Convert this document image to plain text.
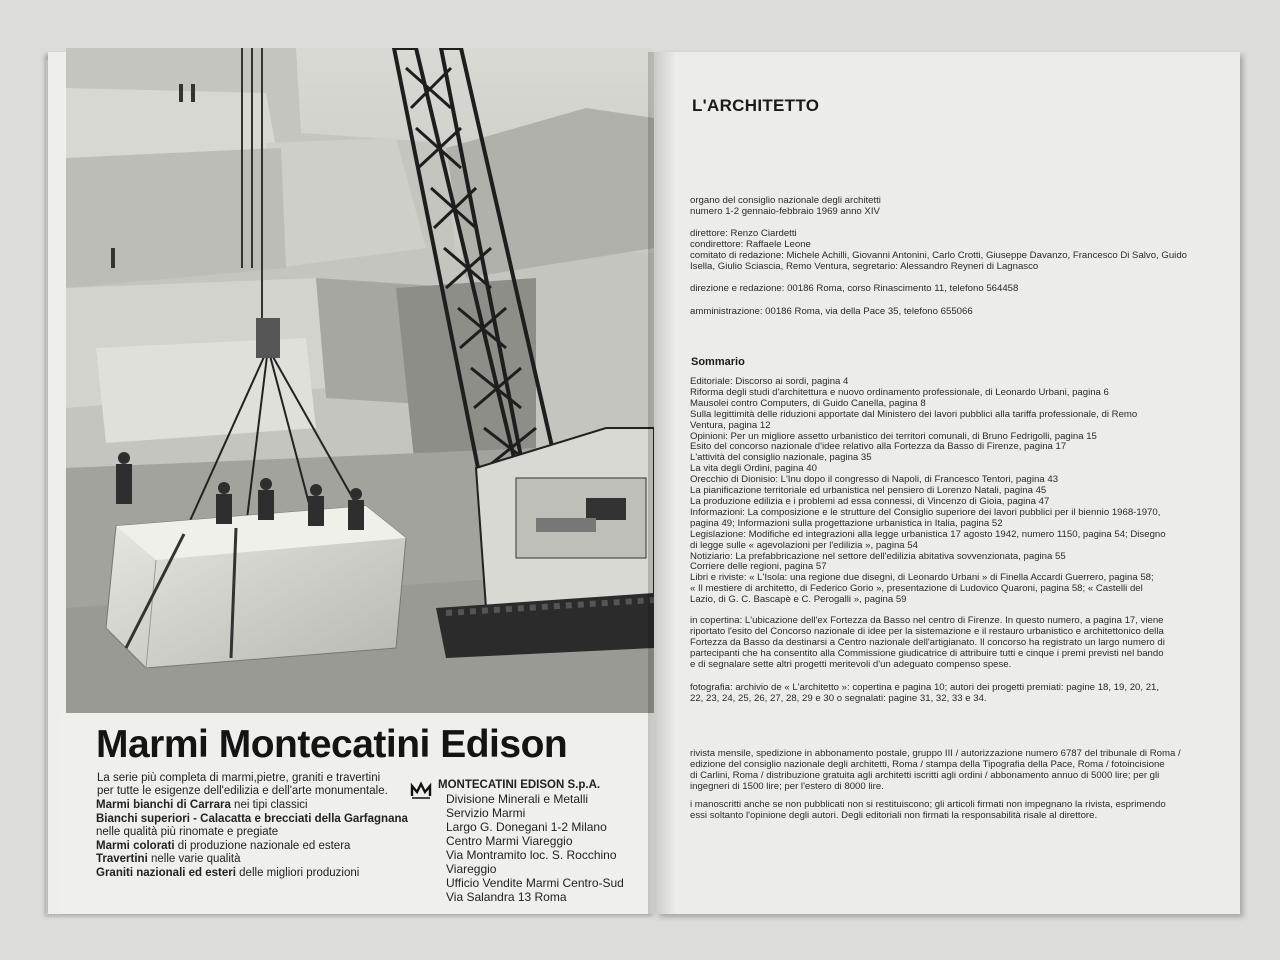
Marmi Montecatini Edison
La serie più completa di marmi,pietre, graniti e travertini per tutte le esigenze dell'edilizia e dell'arte monumentale.
Marmi bianchi di Carrara nei tipi classici
Bianchi superiori - Calacatta e brecciati della Garfagnana nelle qualità più rinomate e pregiate
Marmi colorati di produzione nazionale ed estera
Travertini nelle varie qualità
Graniti nazionali ed esteri delle migliori produzioni
MONTECATINI EDISON S.p.A.
Divisione Minerali e Metalli
Servizio Marmi
Largo G. Donegani 1-2 Milano
Centro Marmi Viareggio
Via Montramito loc. S. Rocchino
Viareggio
Ufficio Vendite Marmi Centro-Sud
Via Salandra 13 Roma
L'ARCHITETTO
organo del consiglio nazionale degli architetti
numero 1-2 gennaio-febbraio 1969 anno XIV
direttore: Renzo Ciardetti
condirettore: Raffaele Leone
comitato di redazione: Michele Achilli, Giovanni Antonini, Carlo Crotti, Giuseppe Davanzo, Francesco Di Salvo, Guido
Isella, Giulio Sciascia, Remo Ventura, segretario: Alessandro Reyneri di Lagnasco

direzione e redazione: 00186 Roma, corso Rinascimento 11, telefono 564458

amministrazione: 00186 Roma, via della Pace 35, telefono 655066

Sommario
Editoriale: Discorso ai sordi, pagina 4
Riforma degli studi d'architettura e nuovo ordinamento professionale, di Leonardo Urbani, pagina 6
Mausolei contro Computers, di Guido Canella, pagina 8
Sulla legittimità delle riduzioni apportate dal Ministero dei lavori pubblici alla tariffa professionale, di Remo
Ventura, pagina 12
Opinioni: Per un migliore assetto urbanistico dei territori comunali, di Bruno Fedrigolli, pagina 15
Esito del concorso nazionale d'idee relativo alla Fortezza da Basso di Firenze, pagina 17
L'attività del consiglio nazionale, pagina 35
La vita degli Ordini, pagina 40
Orecchio di Dionisio: L'Inu dopo il congresso di Napoli, di Francesco Tentori, pagina 43
La pianificazione territoriale ed urbanistica nel pensiero di Lorenzo Natali, pagina 45
La produzione edilizia e i problemi ad essa connessi, di Vincenzo di Gioia, pagina 47
Informazioni: La composizione e le strutture del Consiglio superiore dei lavori pubblici per il biennio 1968-1970,
pagina 49; Informazioni sulla progettazione urbanistica in Italia, pagina 52
Legislazione: Modifiche ed integrazioni alla legge urbanistica 17 agosto 1942, numero 1150, pagina 54; Disegno
di legge sulle « agevolazioni per l'edilizia », pagina 54
Notiziario: La prefabbricazione nel settore dell'edilizia abitativa sovvenzionata, pagina 55
Corriere delle regioni, pagina 57
Libri e riviste: « L'Isola: una regione due disegni, di Leonardo Urbani » di Finella Accardi Guerrero, pagina 58;
« Il mestiere di architetto, di Federico Gorio », presentazione di Ludovico Quaroni, pagina 58; « Castelli del
Lazio, di G. C. Bascapè e C. Perogalli », pagina 59
in copertina: L'ubicazione dell'ex Fortezza da Basso nel centro di Firenze. In questo numero, a pagina 17, viene
riportato l'esito del Concorso nazionale di idee per la sistemazione e il restauro urbanistico e architettonico della
Fortezza da Basso da destinarsi a Centro nazionale dell'artigianato. Il concorso ha registrato un largo numero di
partecipanti che ha consentito alla Commissione giudicatrice di attribuire tutti e cinque i premi previsti nel bando
e di segnalare sette altri progetti meritevoli d'un adeguato compenso spese.
fotografia: archivio de « L'architetto »: copertina e pagina 10; autori dei progetti premiati: pagine 18, 19, 20, 21,
22, 23, 24, 25, 26, 27, 28, 29 e 30 o segnalati: pagine 31, 32, 33 e 34.
rivista mensile, spedizione in abbonamento postale, gruppo III / autorizzazione numero 6787 del tribunale di Roma /
edizione del consiglio nazionale degli architetti, Roma / stampa della Tipografia della Pace, Roma / fotoincisione
di Carlini, Roma / distribuzione gratuita agli architetti iscritti agli ordini / abbonamento annuo di 5000 lire; per gli
ingegneri di 1500 lire; per l'estero di 8000 lire.
i manoscritti anche se non pubblicati non si restituiscono; gli articoli firmati non impegnano la rivista, esprimendo
essi soltanto l'opinione degli autori. Degli editoriali non firmati la responsabilità risale al direttore.
